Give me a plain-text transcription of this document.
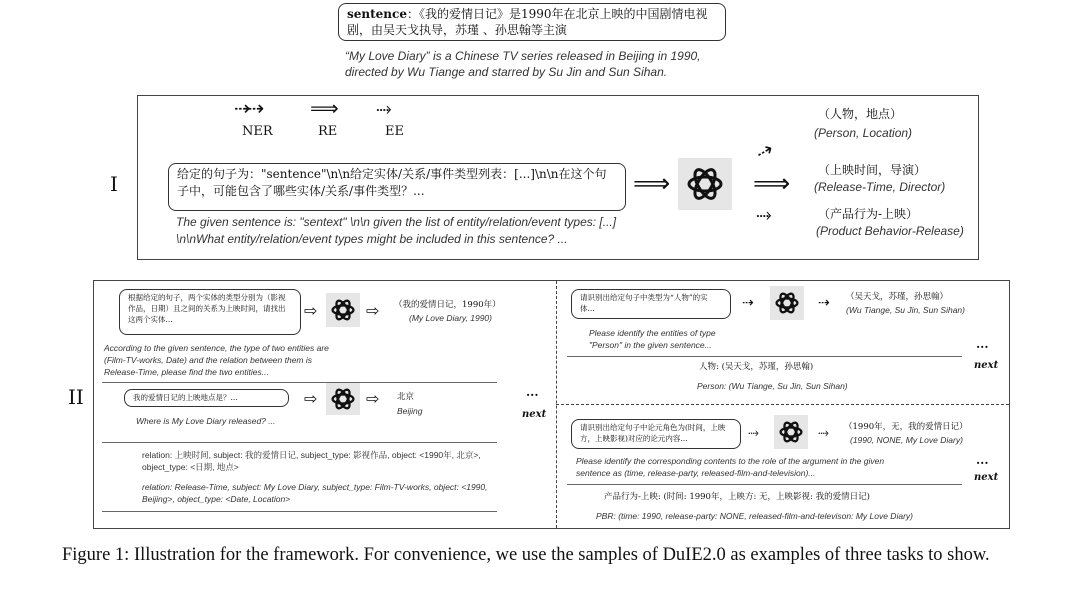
sentence：《我的爱情日记》是1990年在北京上映的中国剧情电视剧，由吴天戈执导，苏瑾 、孙思翰等主演
“My Love Diary” is a Chinese TV series released in Beijing in 1990, directed by Wu Tiange and starred by Su Jin and Sun Sihan.
I
⇢⇢ ⟹ ⤑
NER	RE	EE
给定的句子为："sentence"\n\n给定实体/关系/事件类型列表：[...]\n\n在这个句子中，可能包含了哪些实体/关系/事件类型？...
The given sentence is: "sentext" \n\n given the list of entity/relation/event types: [...] \n\nWhat entity/relation/event types might be included in this sentence? ...
⟹	⟹
⇢
⤑
（人物，地点）
(Person, Location)
（上映时间，导演）
(Release-Time, Director)
（产品行为-上映）
(Product Behavior-Release)
II
根据给定的句子，两个实体的类型分别为（影视作品，日期）且之间的关系为上映时间，请找出这两个实体...	⇨	⇨ （我的爱情日记，1990年）
(My Love Diary, 1990)
According to the given sentence, the type of two entities are (Film-TV-works, Date) and the relation between them is Release-Time, please find the two entities...
我的爱情日记的上映地点是？...	⇨	⇨ 北京
Beijing
Where is My Love Diary released? ...
...
next
relation: 上映时间, subject: 我的爱情日记, subject_type: 影视作品, object: <1990年, 北京>, object_type: <日期, 地点>
relation: Release-Time, subject: My Love Diary, subject_type: Film-TV-works, object: <1990, Beijing>, object_type: <Date, Location>
请识别出给定句子中类型为“人物”的实体...	⇢	⇢ （吴天戈，苏瑾，孙思翰）
(Wu Tiange, Su Jin, Sun Sihan)
Please identify the entities of type "Person" in the given sentence...	...
next
人物: (吴天戈，苏瑾，孙思翰)
Person: (Wu Tiange, Su Jin, Sun Sihan)
请识别出给定句子中论元角色为(时间，上映方，上映影视)对应的论元内容...	⤑	⤑ （1990年，无，我的爱情日记）
(1990, NONE, My Love Diary)
Please identify the corresponding contents to the role of the argument in the given sentence as (time, release-party, released-film-and-television)...
...
next
产品行为-上映: (时间: 1990年，上映方: 无，上映影视: 我的爱情日记)
PBR: (time: 1990, release-party: NONE, released-film-and-televison: My Love Diary)
Figure 1: Illustration for the framework. For convenience, we use the samples of DuIE2.0 as examples of three tasks to show.
